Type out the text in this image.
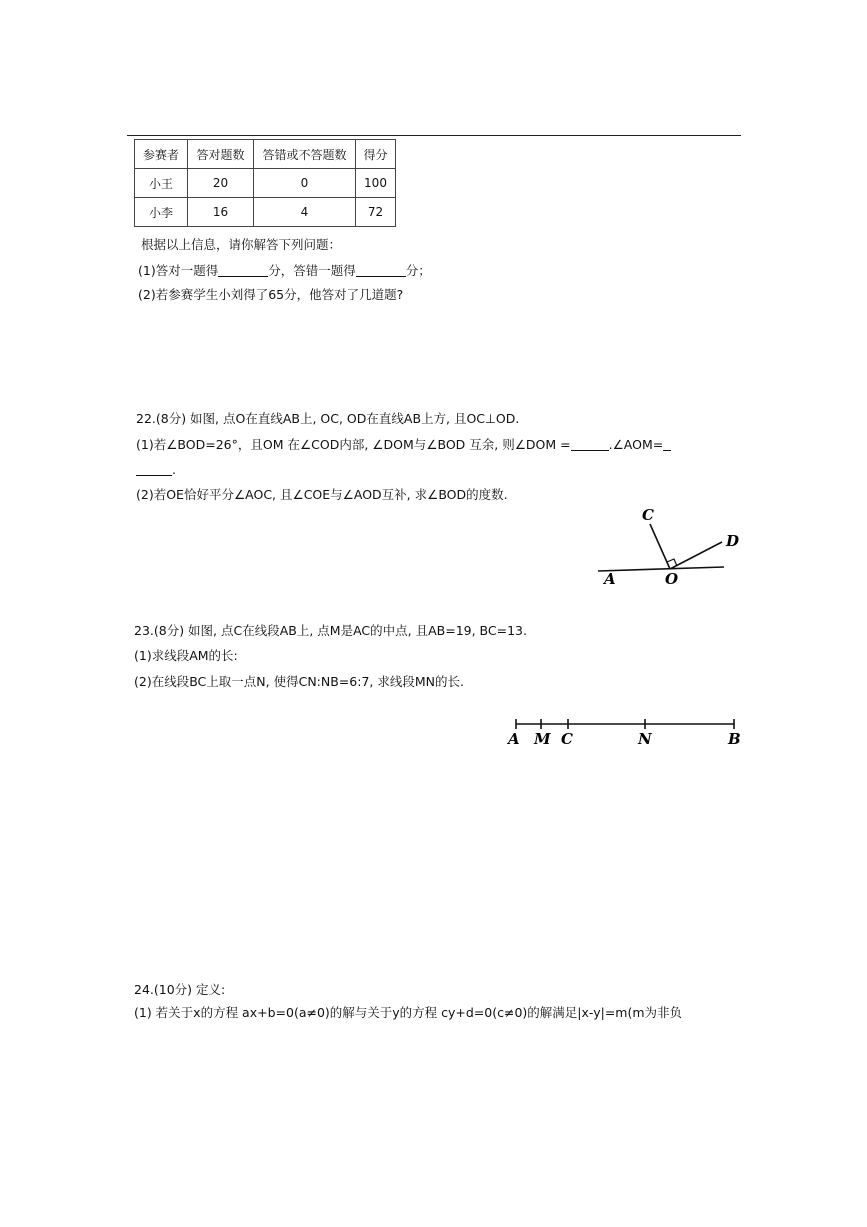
参赛者	答对题数	答错或不答题数	得分
小王	20	0	100
小李	16	4	72
根据以上信息，请你解答下列问题：
(1)答对一题得	分，答错一题得	分；
(2)若参赛学生小刘得了65分，他答对了几道题?
22.(8分) 如图, 点O在直线AB上, OC, OD在直线AB上方, 且OC⊥OD.
(1)若∠BOD=26°，且OM 在∠COD内部, ∠DOM与∠BOD 互余, 则∠DOM =	.∠AOM=
.
(2)若OE恰好平分∠AOC, 且∠COE与∠AOD互补, 求∠BOD的度数.
C
D
A	O
23.(8分) 如图, 点C在线段AB上, 点M是AC的中点, 且AB=19, BC=13.
(1)求线段AM的长:
(2)在线段BC上取一点N, 使得CN:NB=6:7, 求线段MN的长.
A M C	N	B
24.(10分) 定义:
(1) 若关于x的方程 ax+b=0(a≠0)的解与关于y的方程 cy+d=0(c≠0)的解满足|x-y|=m(m为非负
